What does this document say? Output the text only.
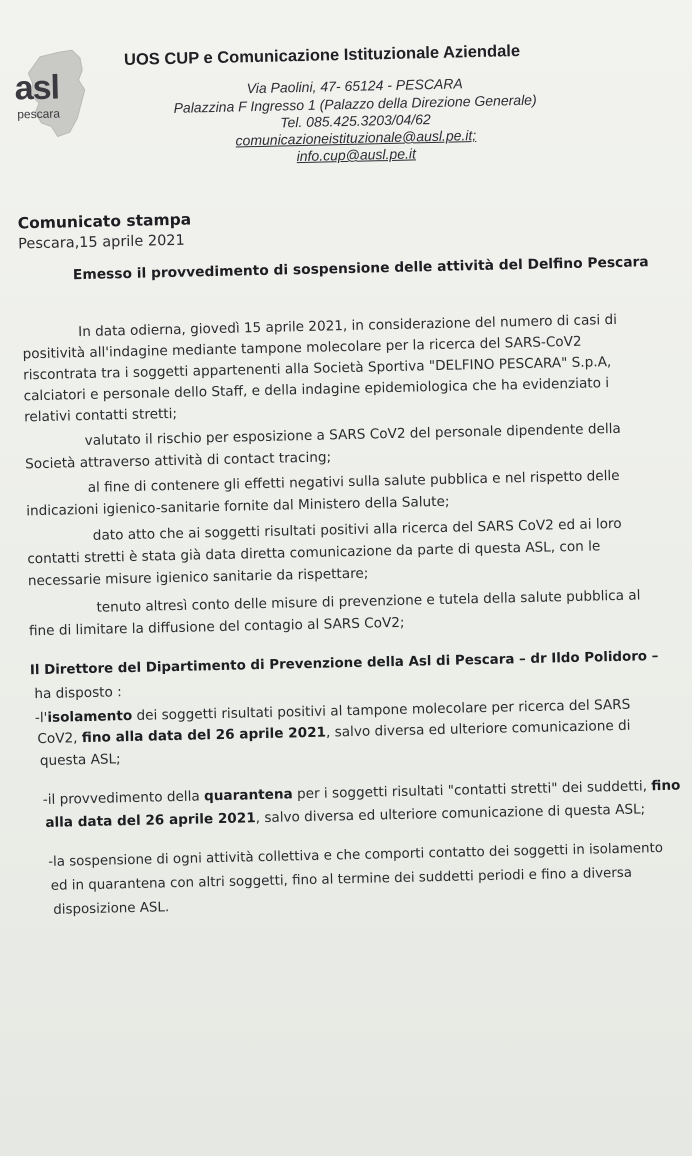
asl
pescara
UOS CUP e Comunicazione Istituzionale Aziendale
Via Paolini, 47- 65124 - PESCARA
Palazzina F Ingresso 1 (Palazzo della Direzione Generale)
Tel. 085.425.3203/04/62
comunicazioneistituzionale@ausl.pe.it;
info.cup@ausl.pe.it
Comunicato stampa
Pescara,15 aprile 2021
Emesso il provvedimento di sospensione delle attività del Delfino Pescara
In data odierna, giovedì 15 aprile 2021, in considerazione del numero di casi di
positività all'indagine mediante tampone molecolare per la ricerca del SARS-CoV2
riscontrata tra i soggetti appartenenti alla Società Sportiva "DELFINO PESCARA" S.p.A,
calciatori e personale dello Staff, e della indagine epidemiologica che ha evidenziato i
relativi contatti stretti;
valutato il rischio per esposizione a SARS CoV2 del personale dipendente della
Società attraverso attività di contact tracing;
al fine di contenere gli effetti negativi sulla salute pubblica e nel rispetto delle
indicazioni igienico-sanitarie fornite dal Ministero della Salute;
dato atto che ai soggetti risultati positivi alla ricerca del SARS CoV2 ed ai loro
contatti stretti è stata già data diretta comunicazione da parte di questa ASL, con le
necessarie misure igienico sanitarie da rispettare;
tenuto altresì conto delle misure di prevenzione e tutela della salute pubblica al
fine di limitare la diffusione del contagio al SARS CoV2;
Il Direttore del Dipartimento di Prevenzione della Asl di Pescara – dr Ildo Polidoro –
ha disposto :
-l'isolamento dei soggetti risultati positivi al tampone molecolare per ricerca del SARS
CoV2, fino alla data del 26 aprile 2021, salvo diversa ed ulteriore comunicazione di
questa ASL;
-il provvedimento della quarantena per i soggetti risultati "contatti stretti" dei suddetti, fino
alla data del 26 aprile 2021, salvo diversa ed ulteriore comunicazione di questa ASL;
-la sospensione di ogni attività collettiva e che comporti contatto dei soggetti in isolamento
ed in quarantena con altri soggetti, fino al termine dei suddetti periodi e fino a diversa
disposizione ASL.
